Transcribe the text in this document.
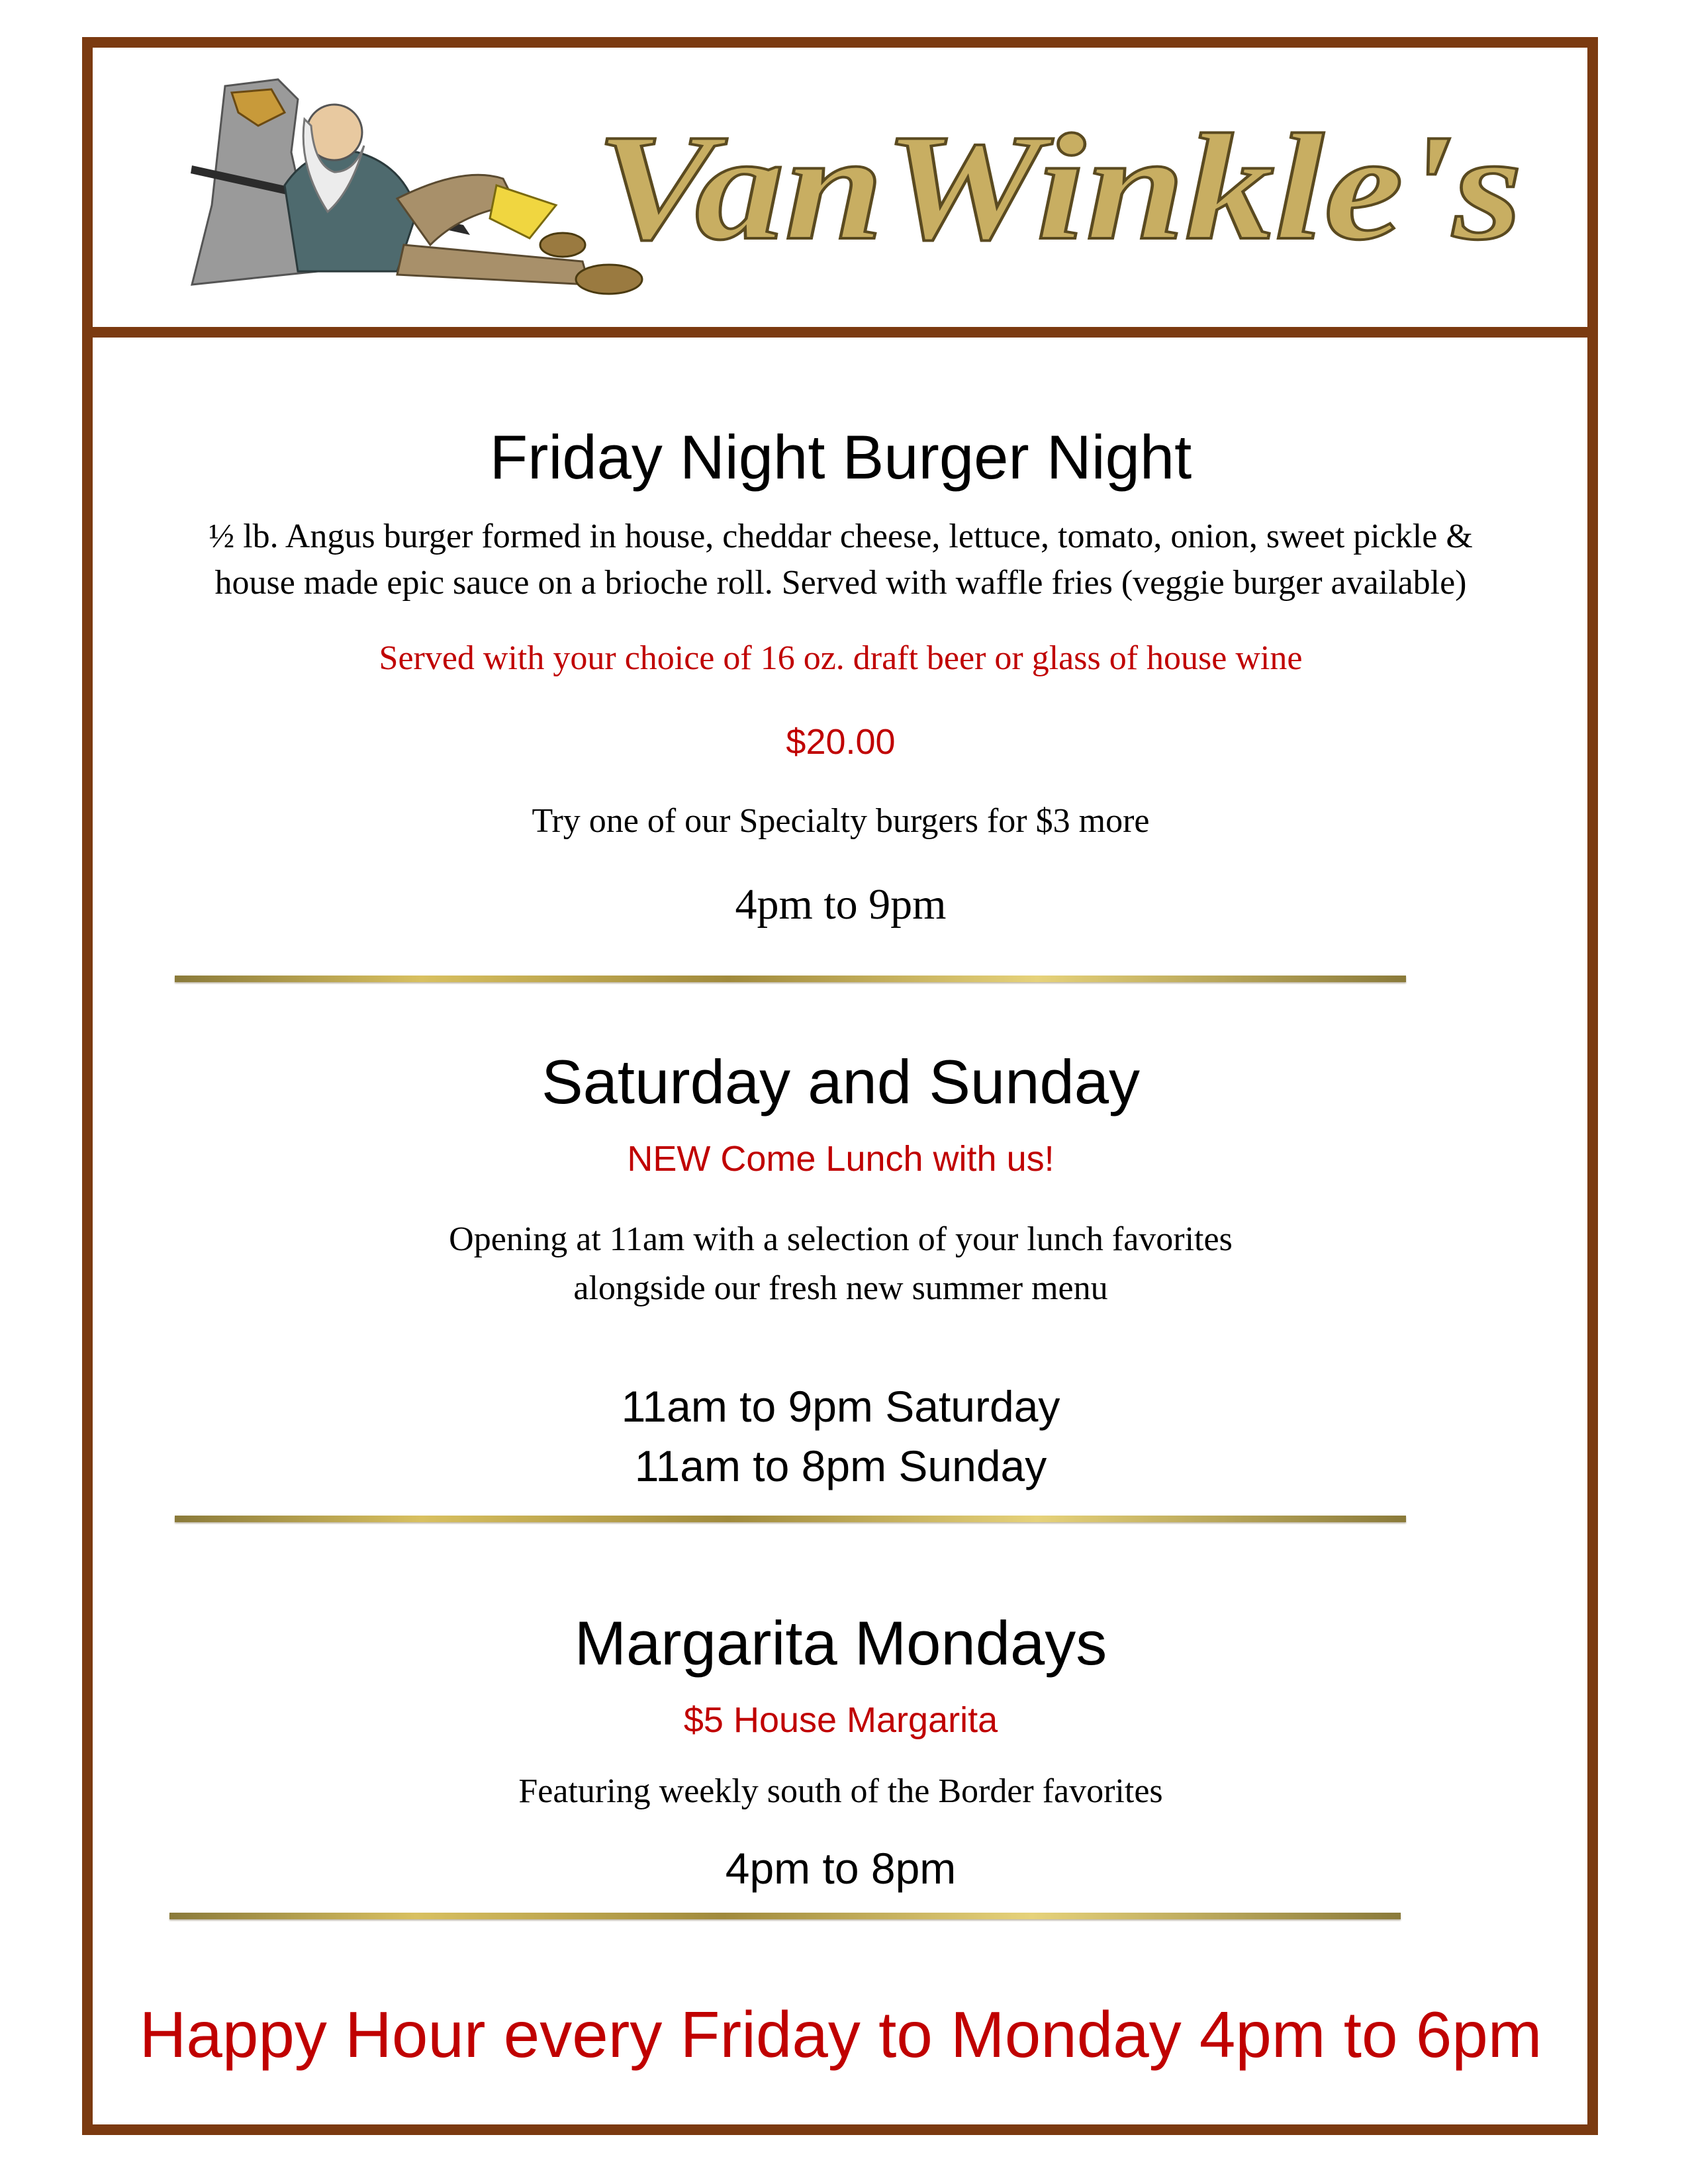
VanWinkle's
Friday Night Burger Night
½ lb. Angus burger formed in house, cheddar cheese, lettuce, tomato, onion, sweet pickle &
house made epic sauce on a brioche roll. Served with waffle fries (veggie burger available)
Served with your choice of 16 oz. draft beer or glass of house wine
$20.00
Try one of our Specialty burgers for $3 more
4pm to 9pm
Saturday and Sunday
NEW Come Lunch with us!
Opening at 11am with a selection of your lunch favorites
alongside our fresh new summer menu
11am to 9pm Saturday
11am to 8pm Sunday
Margarita Mondays
$5 House Margarita
Featuring weekly south of the Border favorites
4pm to 8pm
Happy Hour every Friday to Monday 4pm to 6pm
